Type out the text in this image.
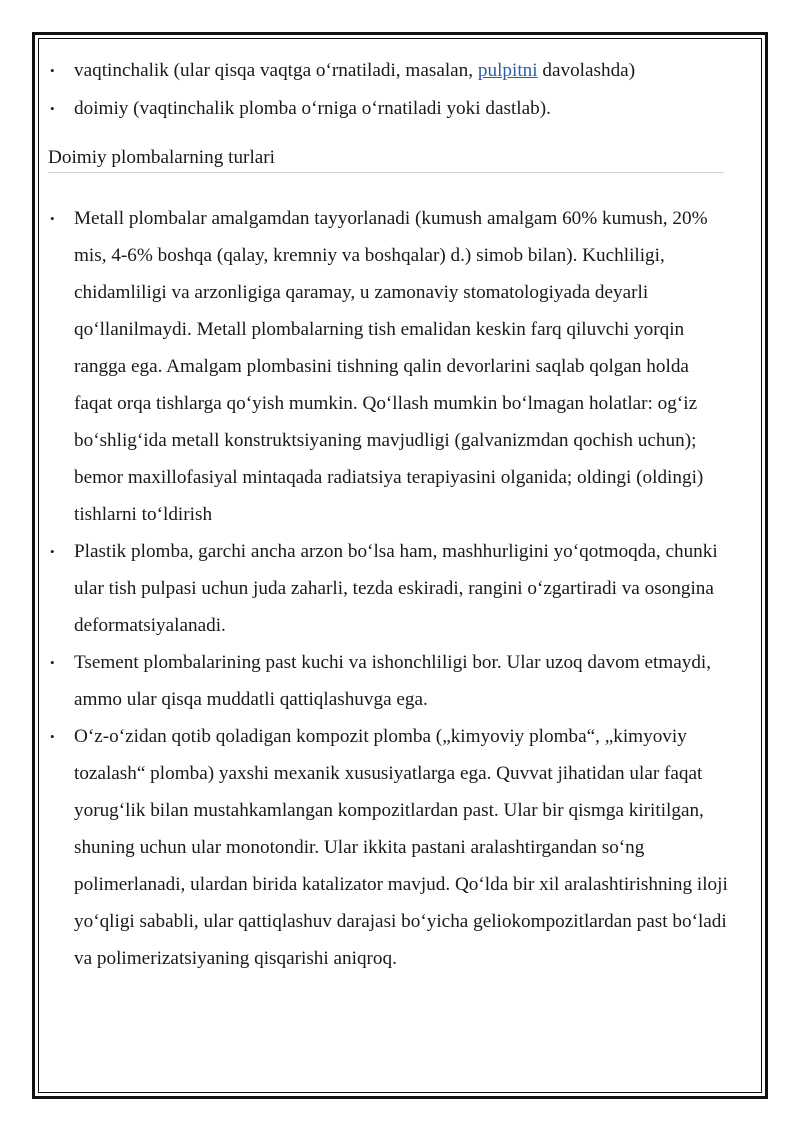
• vaqtinchalik (ular qisqa vaqtga o‘rnatiladi, masalan, pulpitni davolashda)
• doimiy (vaqtinchalik plomba o‘rniga o‘rnatiladi yoki dastlab).
Doimiy plombalarning turlari
• Metall plombalar amalgamdan tayyorlanadi (kumush amalgam 60% kumush, 20% mis, 4-6% boshqa (qalay, kremniy va boshqalar) d.) simob bilan). Kuchliligi, chidamliligi va arzonligiga qaramay, u zamonaviy stomatologiyada deyarli qo‘llanilmaydi. Metall plombalarning tish emalidan keskin farq qiluvchi yorqin rangga ega. Amalgam plombasini tishning qalin devorlarini saqlab qolgan holda faqat orqa tishlarga qo‘yish mumkin. Qo‘llash mumkin bo‘lmagan holatlar: og‘iz bo‘shlig‘ida metall konstruktsiyaning mavjudligi (galvanizmdan qochish uchun); bemor maxillofasiyal mintaqada radiatsiya terapiyasini olganida; oldingi (oldingi) tishlarni to‘ldirish
• Plastik plomba, garchi ancha arzon bo‘lsa ham, mashhurligini yo‘qotmoqda, chunki ular tish pulpasi uchun juda zaharli, tezda eskiradi, rangini o‘zgartiradi va osongina deformatsiyalanadi.
• Tsement plombalarining past kuchi va ishonchliligi bor. Ular uzoq davom etmaydi, ammo ular qisqa muddatli qattiqlashuvga ega.
• O‘z-o‘zidan qotib qoladigan kompozit plomba („kimyoviy plomba“, „kimyoviy tozalash“ plomba) yaxshi mexanik xususiyatlarga ega. Quvvat jihatidan ular faqat yorug‘lik bilan mustahkamlangan kompozitlardan past. Ular bir qismga kiritilgan, shuning uchun ular monotondir. Ular ikkita pastani aralashtirgandan so‘ng polimerlanadi, ulardan birida katalizator mavjud. Qo‘lda bir xil aralashtirishning iloji yo‘qligi sababli, ular qattiqlashuv darajasi bo‘yicha geliokompozitlardan past bo‘ladi va polimerizatsiyaning qisqarishi aniqroq.
